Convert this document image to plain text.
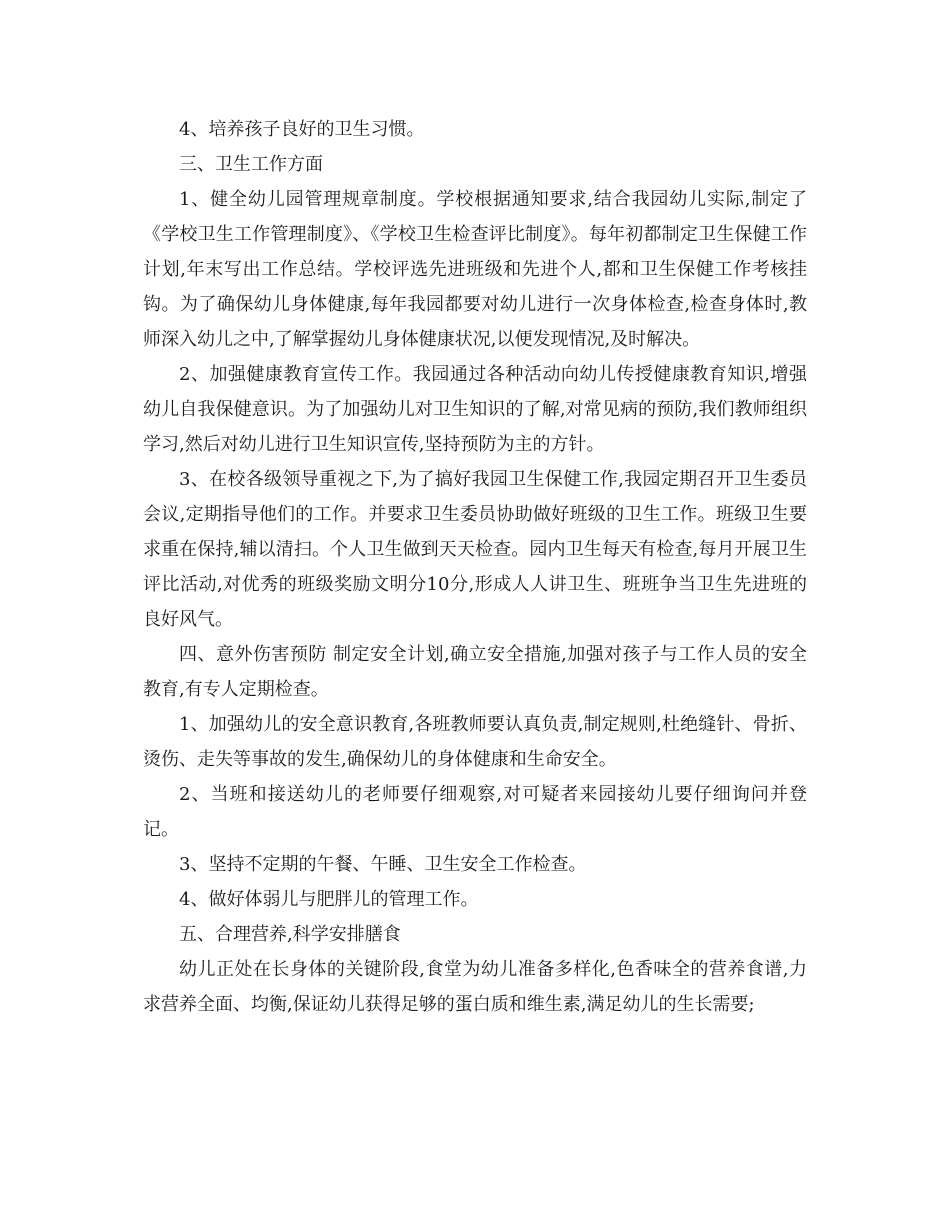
4、培养孩子良好的卫生习惯。

三、卫生工作方面

1、健全幼儿园管理规章制度。学校根据通知要求,结合我园幼儿实际,制定了《学校卫生工作管理制度》、《学校卫生检查评比制度》。每年初都制定卫生保健工作计划,年末写出工作总结。学校评选先进班级和先进个人,都和卫生保健工作考核挂钩。为了确保幼儿身体健康,每年我园都要对幼儿进行一次身体检查,检查身体时,教师深入幼儿之中,了解掌握幼儿身体健康状况,以便发现情况,及时解决。

2、加强健康教育宣传工作。我园通过各种活动向幼儿传授健康教育知识,增强幼儿自我保健意识。为了加强幼儿对卫生知识的了解,对常见病的预防,我们教师组织学习,然后对幼儿进行卫生知识宣传,坚持预防为主的方针。

3、在校各级领导重视之下,为了搞好我园卫生保健工作,我园定期召开卫生委员会议,定期指导他们的工作。并要求卫生委员协助做好班级的卫生工作。班级卫生要求重在保持,辅以清扫。个人卫生做到天天检查。园内卫生每天有检查,每月开展卫生评比活动,对优秀的班级奖励文明分10分,形成人人讲卫生、班班争当卫生先进班的良好风气。

四、意外伤害预防 制定安全计划,确立安全措施,加强对孩子与工作人员的安全教育,有专人定期检查。

1、加强幼儿的安全意识教育,各班教师要认真负责,制定规则,杜绝缝针、骨折、烫伤、走失等事故的发生,确保幼儿的身体健康和生命安全。

2、当班和接送幼儿的老师要仔细观察,对可疑者来园接幼儿要仔细询问并登记。

3、坚持不定期的午餐、午睡、卫生安全工作检查。

4、做好体弱儿与肥胖儿的管理工作。

五、合理营养,科学安排膳食

幼儿正处在长身体的关键阶段,食堂为幼儿准备多样化,色香味全的营养食谱,力求营养全面、均衡,保证幼儿获得足够的蛋白质和维生素,满足幼儿的生长需要;
